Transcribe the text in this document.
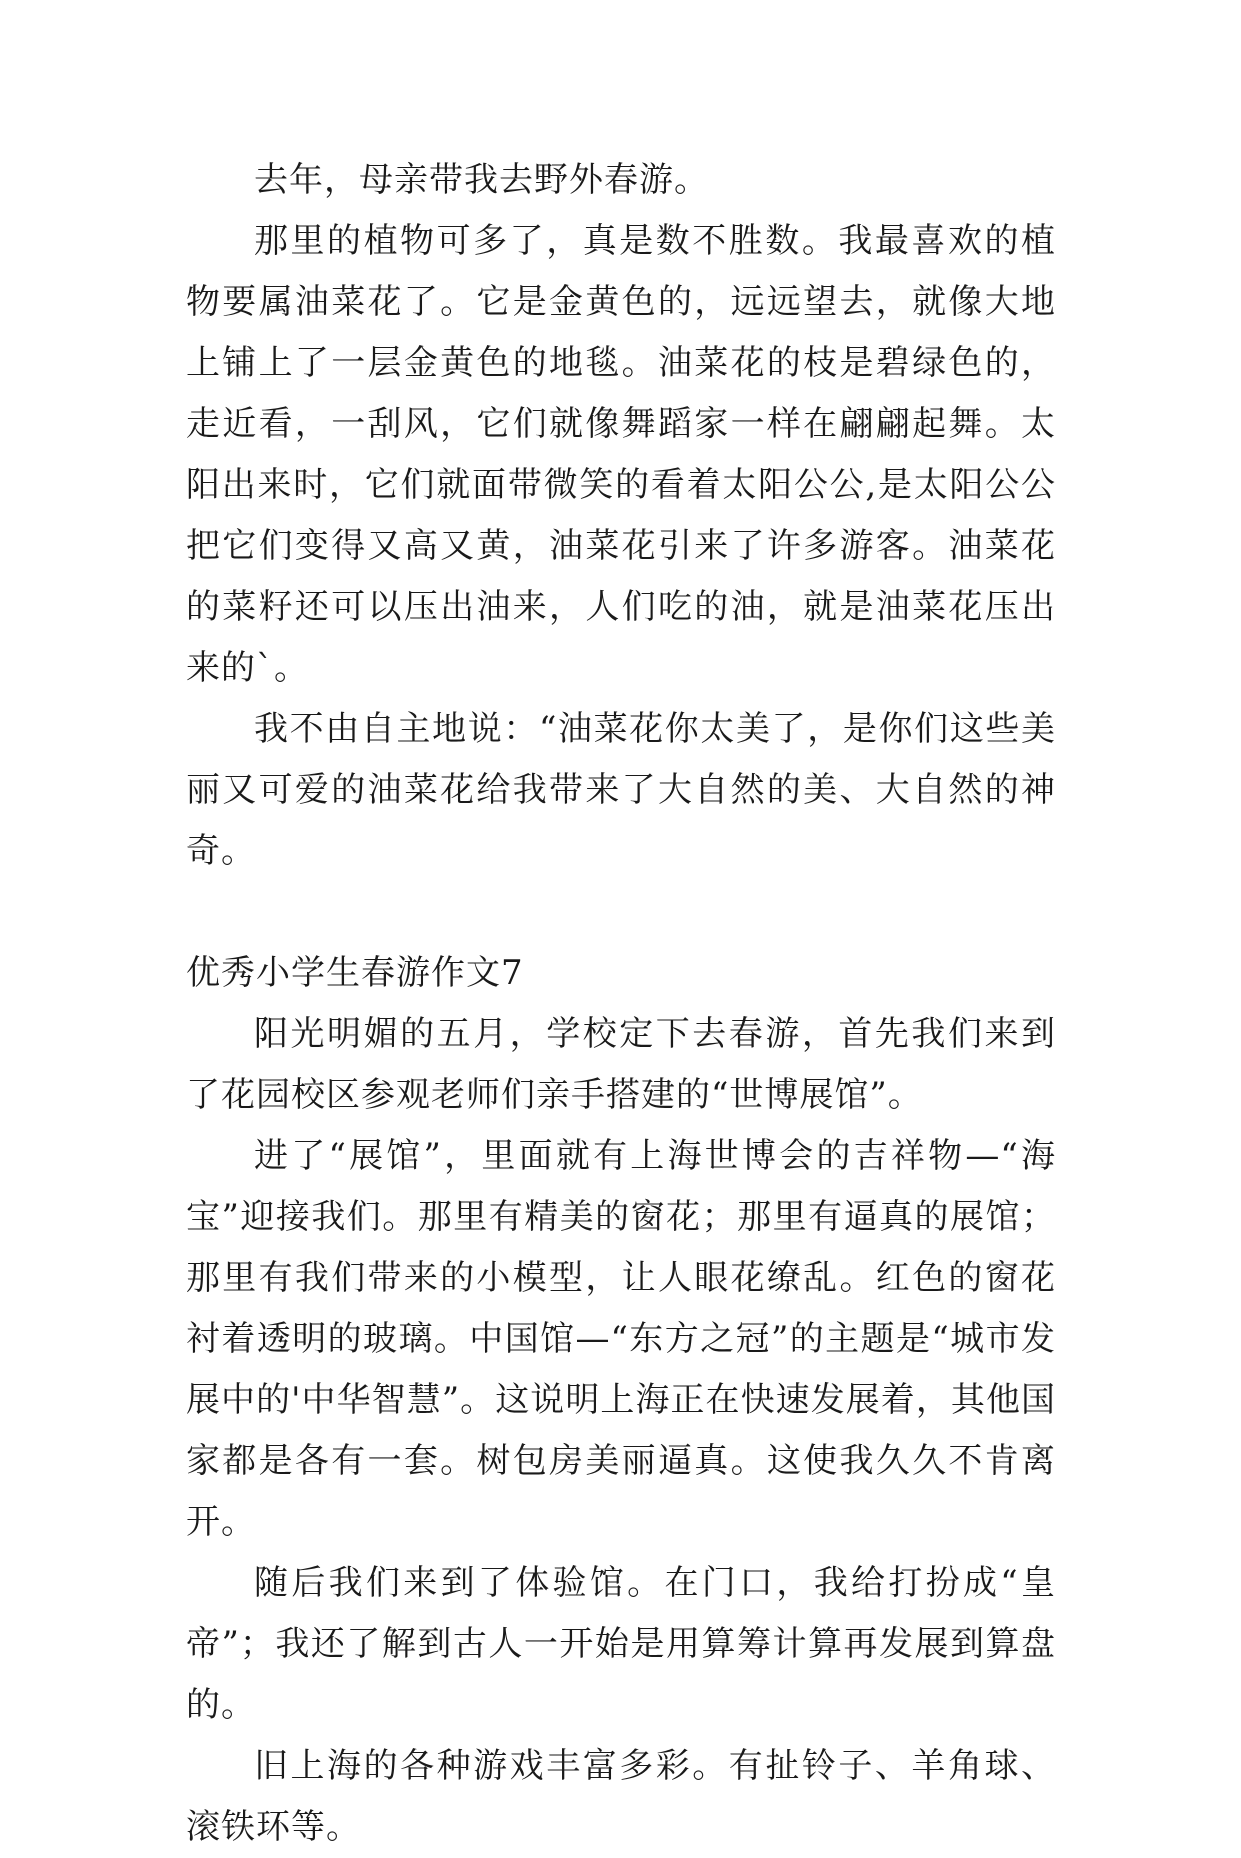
去年，母亲带我去野外春游。

那里的植物可多了，真是数不胜数。我最喜欢的植物要属油菜花了。它是金黄色的，远远望去，就像大地上铺上了一层金黄色的地毯。油菜花的枝是碧绿色的，走近看，一刮风，它们就像舞蹈家一样在翩翩起舞。太阳出来时，它们就面带微笑的看着太阳公公,是太阳公公把它们变得又高又黄，油菜花引来了许多游客。油菜花的菜籽还可以压出油来，人们吃的油，就是油菜花压出来的`。

我不由自主地说：“油菜花你太美了，是你们这些美丽又可爱的油菜花给我带来了大自然的美、大自然的神奇。

优秀小学生春游作文7

阳光明媚的五月，学校定下去春游，首先我们来到了花园校区参观老师们亲手搭建的“世博展馆”。

进了“展馆”，里面就有上海世博会的吉祥物—“海宝”迎接我们。那里有精美的窗花；那里有逼真的展馆；那里有我们带来的小模型，让人眼花缭乱。红色的窗花衬着透明的玻璃。中国馆—“东方之冠”的主题是“城市发展中的'中华智慧”。这说明上海正在快速发展着，其他国家都是各有一套。树包房美丽逼真。这使我久久不肯离开。

随后我们来到了体验馆。在门口，我给打扮成“皇帝”；我还了解到古人一开始是用算筹计算再发展到算盘的。

旧上海的各种游戏丰富多彩。有扯铃子、羊角球、滚铁环等。
